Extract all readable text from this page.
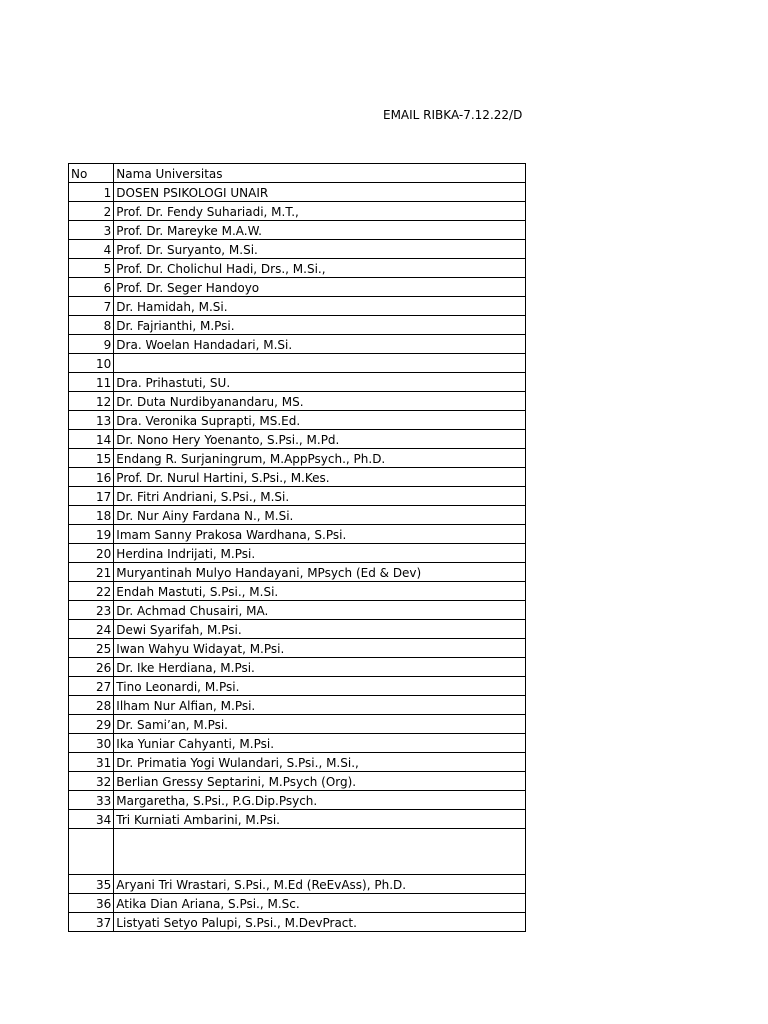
EMAIL RIBKA-7.12.22/D
No	Nama Universitas
1	DOSEN PSIKOLOGI UNAIR
2	Prof. Dr. Fendy Suhariadi, M.T.,
3	Prof. Dr. Mareyke M.A.W.
4	Prof. Dr. Suryanto, M.Si.
5	Prof. Dr. Cholichul Hadi, Drs., M.Si.,
6	Prof. Dr. Seger Handoyo
7	Dr. Hamidah, M.Si.
8	Dr. Fajrianthi, M.Psi.
9	Dra. Woelan Handadari, M.Si.
10	
11	Dra. Prihastuti, SU.
12	Dr. Duta Nurdibyanandaru, MS.
13	Dra. Veronika Suprapti, MS.Ed.
14	Dr. Nono Hery Yoenanto, S.Psi., M.Pd.
15	Endang R. Surjaningrum, M.AppPsych., Ph.D.
16	Prof. Dr. Nurul Hartini, S.Psi., M.Kes.
17	Dr. Fitri Andriani, S.Psi., M.Si.
18	Dr. Nur Ainy Fardana N., M.Si.
19	Imam Sanny Prakosa Wardhana, S.Psi.
20	Herdina Indrijati, M.Psi.
21	Muryantinah Mulyo Handayani, MPsych (Ed & Dev)
22	Endah Mastuti, S.Psi., M.Si.
23	Dr. Achmad Chusairi, MA.
24	Dewi Syarifah, M.Psi.
25	Iwan Wahyu Widayat, M.Psi.
26	Dr. Ike Herdiana, M.Psi.
27	Tino Leonardi, M.Psi.
28	Ilham Nur Alfian, M.Psi.
29	Dr. Sami’an, M.Psi.
30	Ika Yuniar Cahyanti, M.Psi.
31	Dr. Primatia Yogi Wulandari, S.Psi., M.Si.,
32	Berlian Gressy Septarini, M.Psych (Org).
33	Margaretha, S.Psi., P.G.Dip.Psych.
34	Tri Kurniati Ambarini, M.Psi.

35	Aryani Tri Wrastari, S.Psi., M.Ed (ReEvAss), Ph.D.
36	Atika Dian Ariana, S.Psi., M.Sc.
37	Listyati Setyo Palupi, S.Psi., M.DevPract.
